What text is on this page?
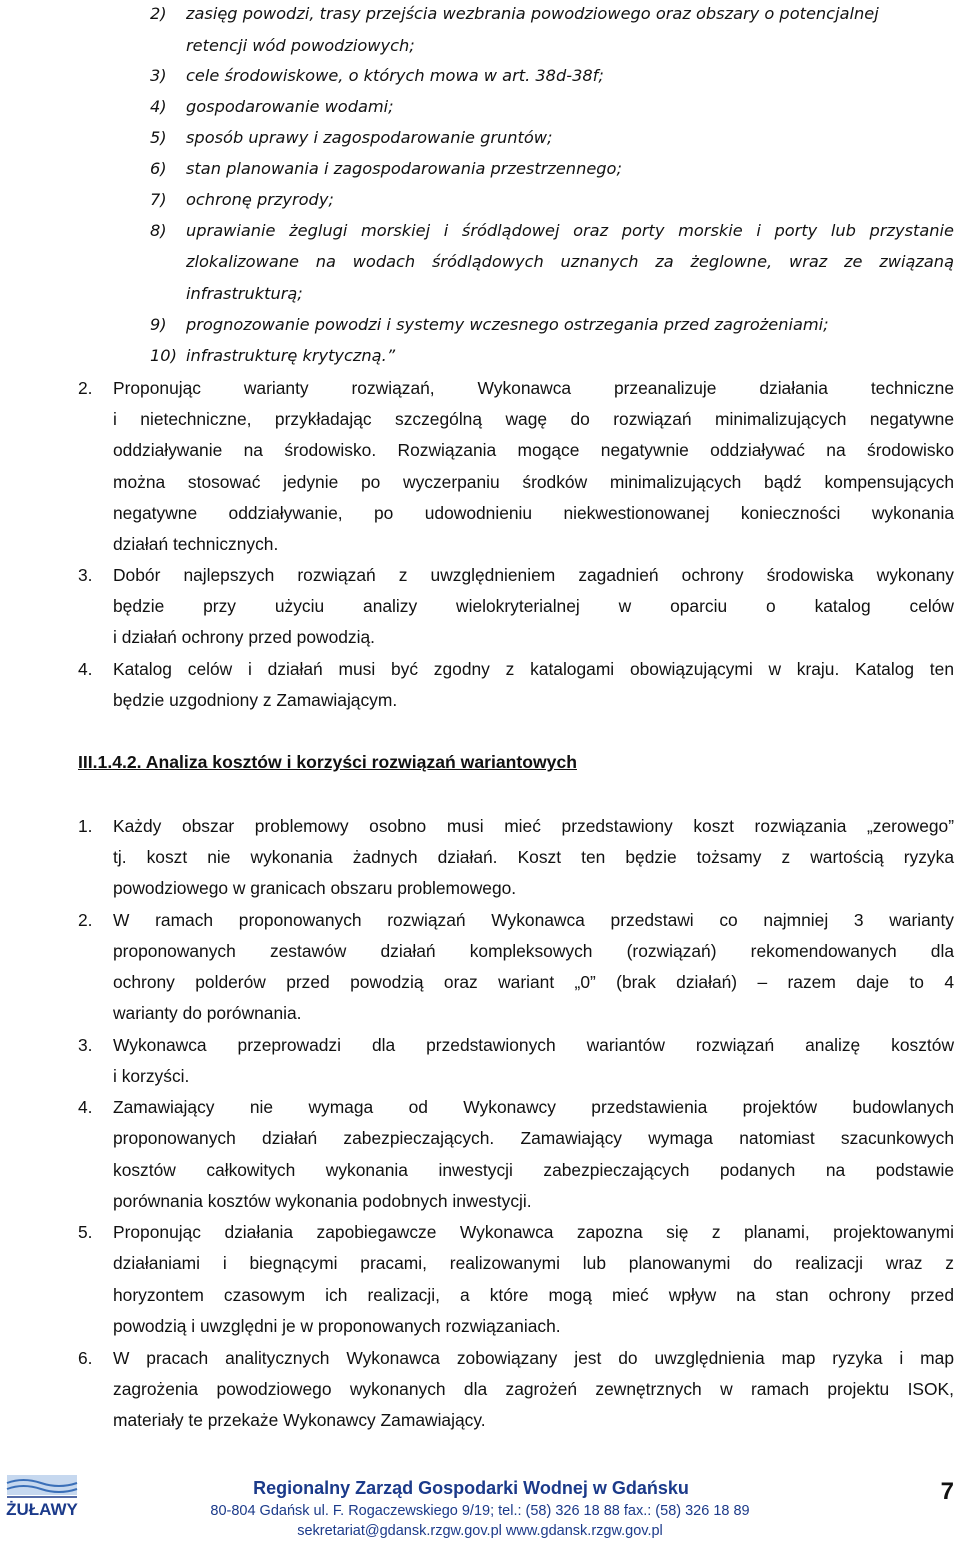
2) zasięg powodzi, trasy przejścia wezbrania powodziowego oraz obszary o potencjalnej
retencji wód powodziowych;
3) cele środowiskowe, o których mowa w art. 38d-38f;
4) gospodarowanie wodami;
5) sposób uprawy i zagospodarowanie gruntów;
6) stan planowania i zagospodarowania przestrzennego;
7) ochronę przyrody;
8) uprawianie żeglugi morskiej i śródlądowej oraz porty morskie i porty lub przystanie
zlokalizowane na wodach śródlądowych uznanych za żeglowne, wraz ze związaną
infrastrukturą;
9) prognozowanie powodzi i systemy wczesnego ostrzegania przed zagrożeniami;
10) infrastrukturę krytyczną.”
2. Proponując warianty rozwiązań, Wykonawca przeanalizuje działania techniczne
i nietechniczne, przykładając szczególną wagę do rozwiązań minimalizujących negatywne
oddziaływanie na środowisko. Rozwiązania mogące negatywnie oddziaływać na środowisko
można stosować jedynie po wyczerpaniu środków minimalizujących bądź kompensujących
negatywne oddziaływanie, po udowodnieniu niekwestionowanej konieczności wykonania
działań technicznych.
3. Dobór najlepszych rozwiązań z uwzględnieniem zagadnień ochrony środowiska wykonany
będzie przy użyciu analizy wielokryterialnej w oparciu o katalog celów
i działań ochrony przed powodzią.
4. Katalog celów i działań musi być zgodny z katalogami obowiązującymi w kraju. Katalog ten
będzie uzgodniony z Zamawiającym.
III.1.4.2. Analiza kosztów i korzyści rozwiązań wariantowych
1. Każdy obszar problemowy osobno musi mieć przedstawiony koszt rozwiązania „zerowego”
tj. koszt nie wykonania żadnych działań. Koszt ten będzie tożsamy z wartością ryzyka
powodziowego w granicach obszaru problemowego.
2. W ramach proponowanych rozwiązań Wykonawca przedstawi co najmniej 3 warianty
proponowanych zestawów działań kompleksowych (rozwiązań) rekomendowanych dla
ochrony polderów przed powodzią oraz wariant „0” (brak działań) – razem daje to 4
warianty do porównania.
3. Wykonawca przeprowadzi dla przedstawionych wariantów rozwiązań analizę kosztów
i korzyści.
4. Zamawiający nie wymaga od Wykonawcy przedstawienia projektów budowlanych
proponowanych działań zabezpieczających. Zamawiający wymaga natomiast szacunkowych
kosztów całkowitych wykonania inwestycji zabezpieczających podanych na podstawie
porównania kosztów wykonania podobnych inwestycji.
5. Proponując działania zapobiegawcze Wykonawca zapozna się z planami, projektowanymi
działaniami i biegnącymi pracami, realizowanymi lub planowanymi do realizacji wraz z
horyzontem czasowym ich realizacji, a które mogą mieć wpływ na stan ochrony przed
powodzią i uwzględni je w proponowanych rozwiązaniach.
6. W pracach analitycznych Wykonawca zobowiązany jest do uwzględnienia map ryzyka i map
zagrożenia powodziowego wykonanych dla zagrożeń zewnętrznych w ramach projektu ISOK,
materiały te przekaże Wykonawcy Zamawiający.
ŻUŁAWY
Regionalny Zarząd Gospodarki Wodnej w Gdańsku
80-804 Gdańsk ul. F. Rogaczewskiego 9/19; tel.: (58) 326 18 88 fax.: (58) 326 18 89
sekretariat@gdansk.rzgw.gov.pl www.gdansk.rzgw.gov.pl
7
